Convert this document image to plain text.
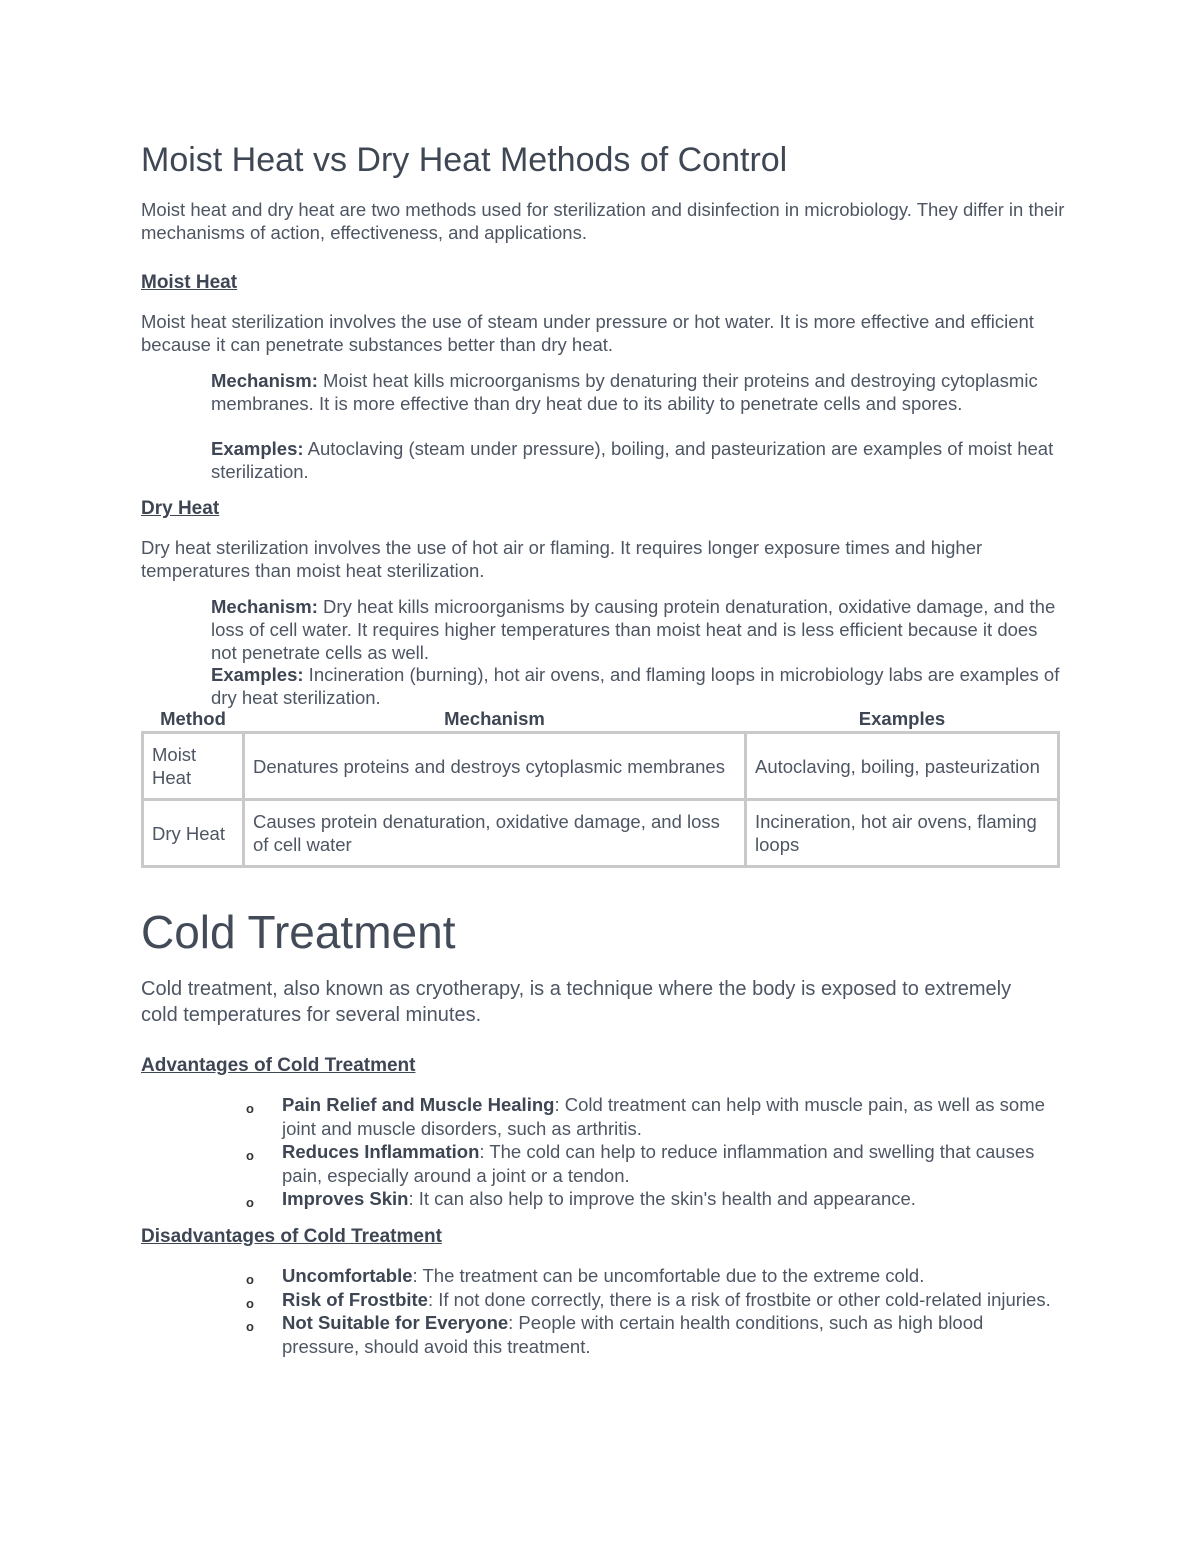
Moist Heat vs Dry Heat Methods of Control

Moist heat and dry heat are two methods used for sterilization and disinfection in microbiology. They differ in their mechanisms of action, effectiveness, and applications.

Moist Heat

Moist heat sterilization involves the use of steam under pressure or hot water. It is more effective and efficient because it can penetrate substances better than dry heat.

Mechanism: Moist heat kills microorganisms by denaturing their proteins and destroying cytoplasmic membranes. It is more effective than dry heat due to its ability to penetrate cells and spores.

Examples: Autoclaving (steam under pressure), boiling, and pasteurization are examples of moist heat sterilization.

Dry Heat

Dry heat sterilization involves the use of hot air or flaming. It requires longer exposure times and higher temperatures than moist heat sterilization.

Mechanism: Dry heat kills microorganisms by causing protein denaturation, oxidative damage, and the loss of cell water. It requires higher temperatures than moist heat and is less efficient because it does not penetrate cells as well.

Examples: Incineration (burning), hot air ovens, and flaming loops in microbiology labs are examples of dry heat sterilization.

Method	Mechanism	Examples
Moist Heat	Denatures proteins and destroys cytoplasmic membranes	Autoclaving, boiling, pasteurization
Dry Heat	Causes protein denaturation, oxidative damage, and loss of cell water	Incineration, hot air ovens, flaming loops
Cold Treatment

Cold treatment, also known as cryotherapy, is a technique where the body is exposed to extremely cold temperatures for several minutes.

Advantages of Cold Treatment
o Pain Relief and Muscle Healing: Cold treatment can help with muscle pain, as well as some joint and muscle disorders, such as arthritis.
o Reduces Inflammation: The cold can help to reduce inflammation and swelling that causes pain, especially around a joint or a tendon.
o Improves Skin: It can also help to improve the skin's health and appearance.
Disadvantages of Cold Treatment
o Uncomfortable: The treatment can be uncomfortable due to the extreme cold.
o Risk of Frostbite: If not done correctly, there is a risk of frostbite or other cold-related injuries.
o Not Suitable for Everyone: People with certain health conditions, such as high blood pressure, should avoid this treatment.
